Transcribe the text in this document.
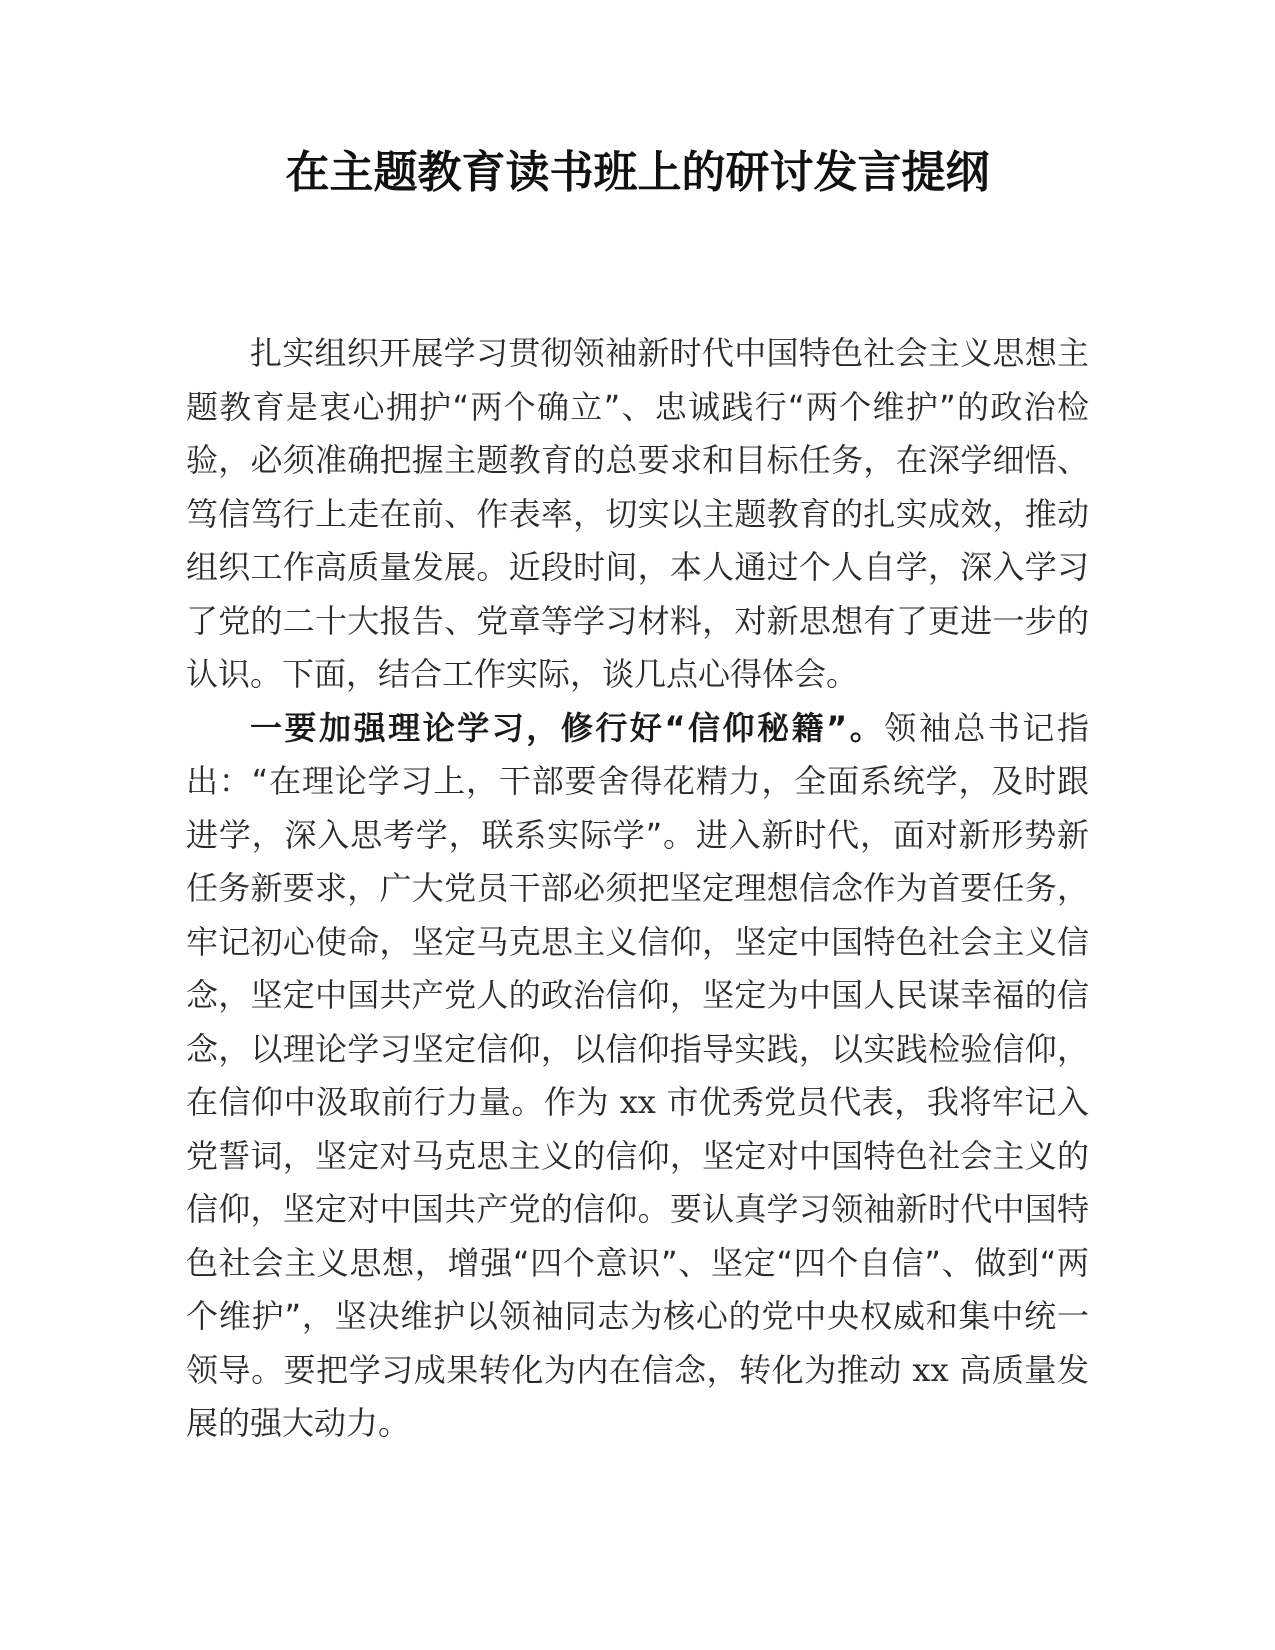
在主题教育读书班上的研讨发言提纲

扎实组织开展学习贯彻领袖新时代中国特色社会主义思想主题教育是衷心拥护“两个确立”、忠诚践行“两个维护”的政治检验，必须准确把握主题教育的总要求和目标任务，在深学细悟、笃信笃行上走在前、作表率，切实以主题教育的扎实成效，推动组织工作高质量发展。近段时间，本人通过个人自学，深入学习了党的二十大报告、党章等学习材料，对新思想有了更进一步的认识。下面，结合工作实际，谈几点心得体会。

一要加强理论学习，修行好“信仰秘籍”。领袖总书记指出：“在理论学习上，干部要舍得花精力，全面系统学，及时跟进学，深入思考学，联系实际学”。进入新时代，面对新形势新任务新要求，广大党员干部必须把坚定理想信念作为首要任务，牢记初心使命，坚定马克思主义信仰，坚定中国特色社会主义信念，坚定中国共产党人的政治信仰，坚定为中国人民谋幸福的信念，以理论学习坚定信仰，以信仰指导实践，以实践检验信仰，在信仰中汲取前行力量。作为 xx 市优秀党员代表，我将牢记入党誓词，坚定对马克思主义的信仰，坚定对中国特色社会主义的信仰，坚定对中国共产党的信仰。要认真学习领袖新时代中国特色社会主义思想，增强“四个意识”、坚定“四个自信”、做到“两个维护”，坚决维护以领袖同志为核心的党中央权威和集中统一领导。要把学习成果转化为内在信念，转化为推动 xx 高质量发展的强大动力。
